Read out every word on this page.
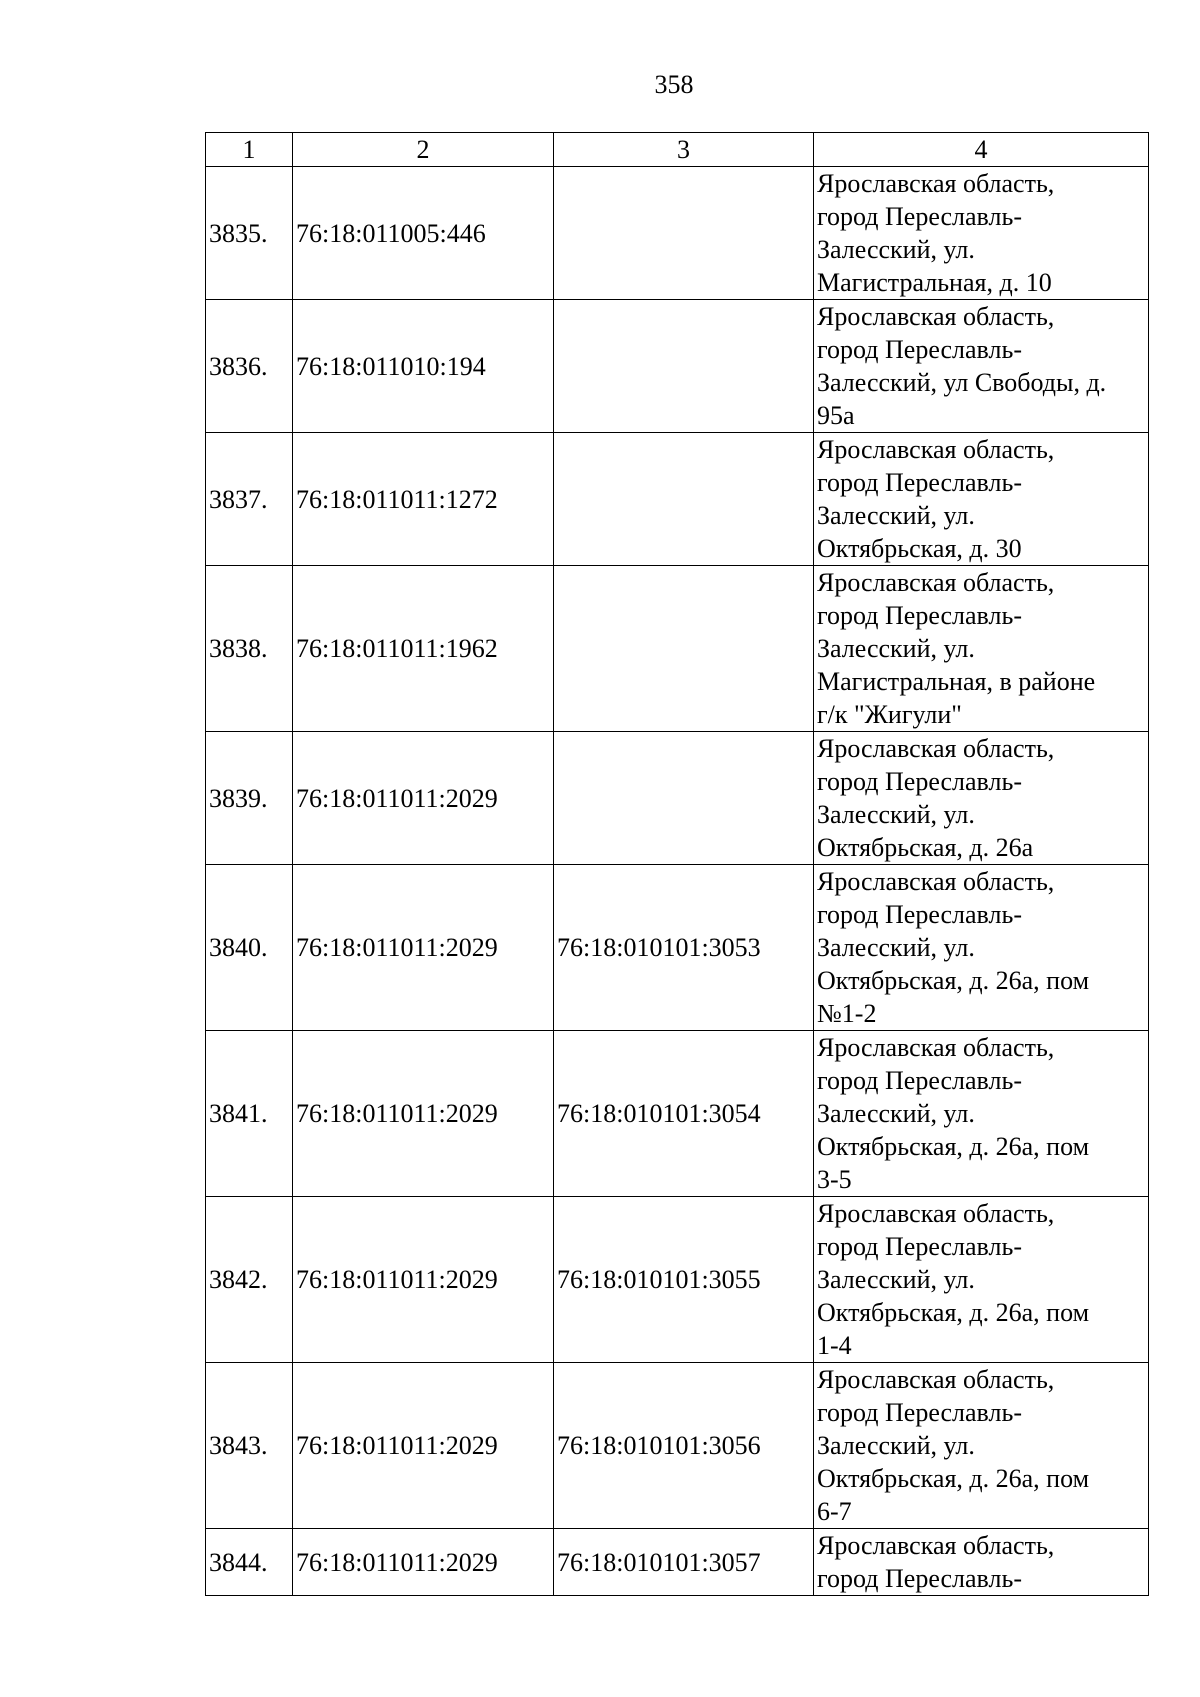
358
1	2	3	4
3835.	76:18:011005:446		Ярославская область,
город Переславль-
Залесский, ул.
Магистральная, д. 10
3836.	76:18:011010:194		Ярославская область,
город Переславль-
Залесский, ул Свободы, д.
95а
3837.	76:18:011011:1272		Ярославская область,
город Переславль-
Залесский, ул.
Октябрьская, д. 30
3838.	76:18:011011:1962		Ярославская область,
город Переславль-
Залесский, ул.
Магистральная, в районе
г/к "Жигули"
3839.	76:18:011011:2029		Ярославская область,
город Переславль-
Залесский, ул.
Октябрьская, д. 26а
3840.	76:18:011011:2029	76:18:010101:3053	Ярославская область,
город Переславль-
Залесский, ул.
Октябрьская, д. 26а, пом
№1-2
3841.	76:18:011011:2029	76:18:010101:3054	Ярославская область,
город Переславль-
Залесский, ул.
Октябрьская, д. 26а, пом
3-5
3842.	76:18:011011:2029	76:18:010101:3055	Ярославская область,
город Переславль-
Залесский, ул.
Октябрьская, д. 26а, пом
1-4
3843.	76:18:011011:2029	76:18:010101:3056	Ярославская область,
город Переславль-
Залесский, ул.
Октябрьская, д. 26а, пом
6-7
3844.	76:18:011011:2029	76:18:010101:3057	Ярославская область,
город Переславль-
